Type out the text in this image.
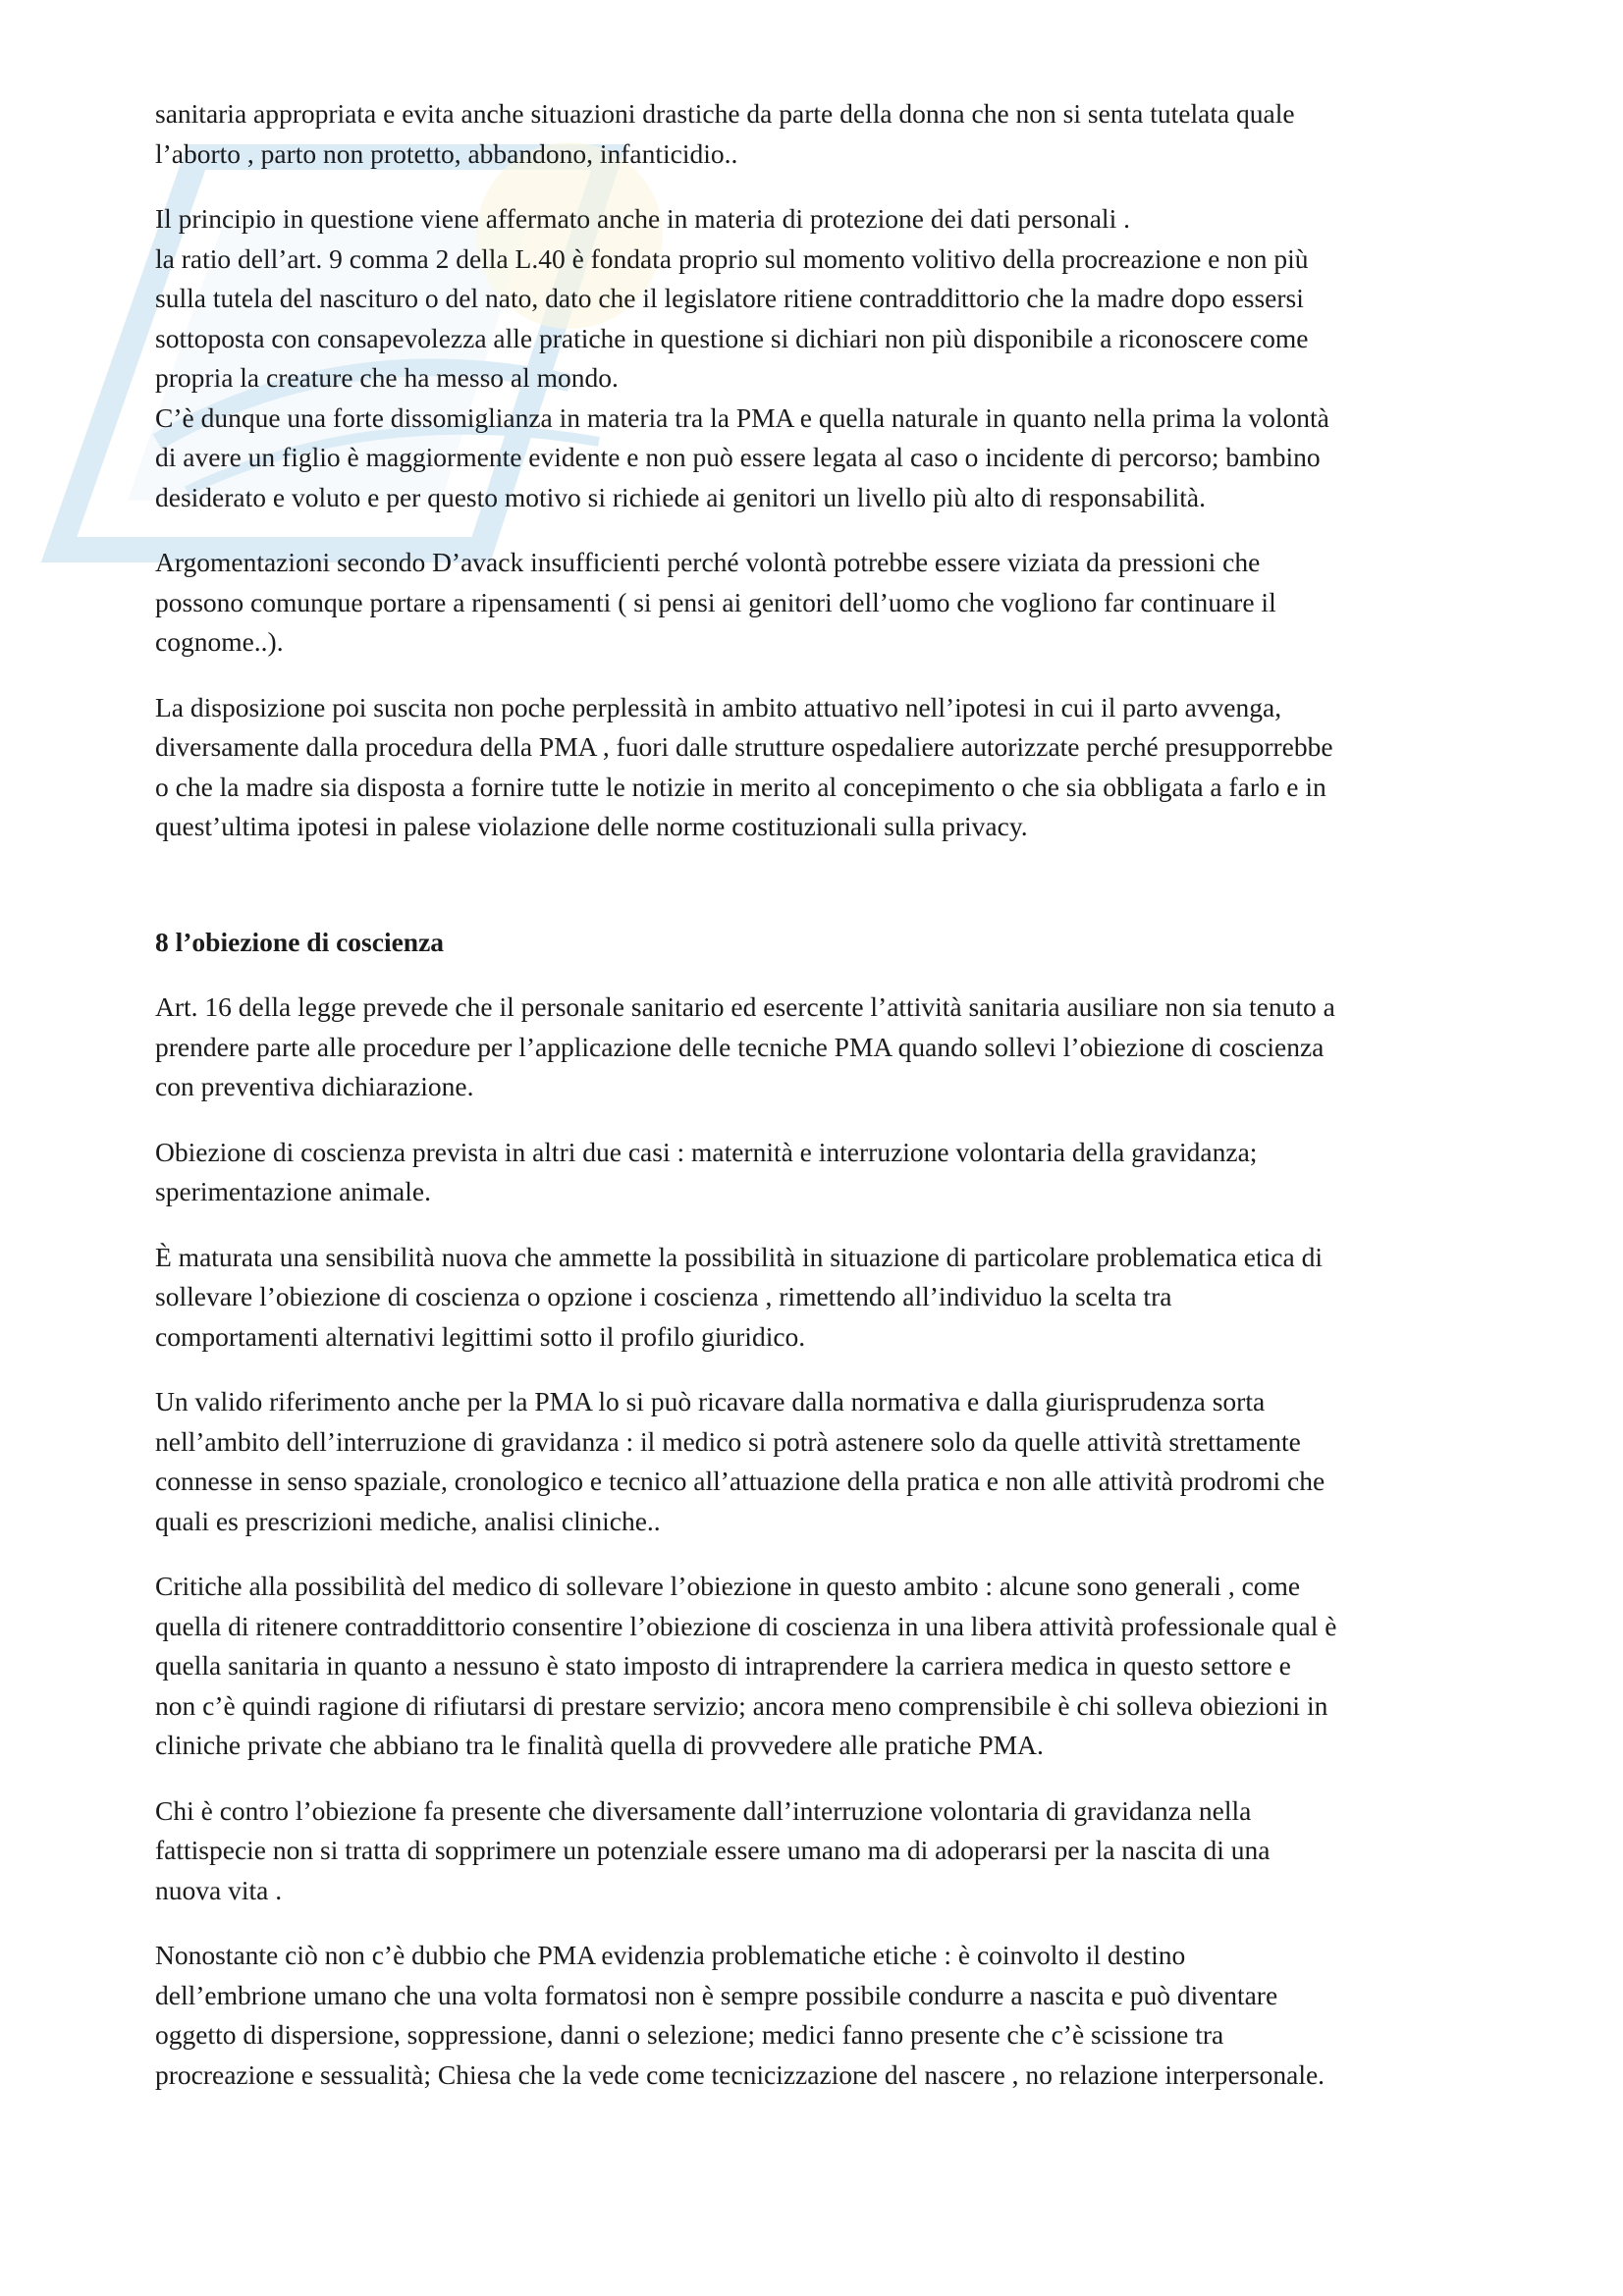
sanitaria appropriata e evita anche situazioni drastiche da parte della donna che non si senta tutelata quale
l’aborto , parto non protetto, abbandono, infanticidio..

Il principio in questione viene affermato anche in materia di protezione dei dati personali .
la ratio dell’art. 9 comma 2 della L.40 è fondata proprio sul momento volitivo della procreazione e non più
sulla tutela del nascituro o del nato, dato che il legislatore ritiene contraddittorio che la madre dopo essersi
sottoposta con consapevolezza alle pratiche in questione si dichiari non più disponibile a riconoscere come
propria la creature che ha messo al mondo.
C’è dunque una forte dissomiglianza in materia tra la PMA e quella naturale in quanto nella prima la volontà
di avere un figlio è maggiormente evidente e non può essere legata al caso o incidente di percorso; bambino
desiderato e voluto e per questo motivo si richiede ai genitori un livello più alto di responsabilità.

Argomentazioni secondo D’avack insufficienti perché volontà potrebbe essere viziata da pressioni che
possono comunque portare a ripensamenti ( si pensi ai genitori dell’uomo che vogliono far continuare il
cognome..).

La disposizione poi suscita non poche perplessità in ambito attuativo nell’ipotesi in cui il parto avvenga,
diversamente dalla procedura della PMA , fuori dalle strutture ospedaliere autorizzate perché presupporrebbe
o che la madre sia disposta a fornire tutte le notizie in merito al concepimento o che sia obbligata a farlo e in
quest’ultima ipotesi in palese violazione delle norme costituzionali sulla privacy.

8 l’obiezione di coscienza

Art. 16 della legge prevede che il personale sanitario ed esercente l’attività sanitaria ausiliare non sia tenuto a
prendere parte alle procedure per l’applicazione delle tecniche PMA quando sollevi l’obiezione di coscienza
con preventiva dichiarazione.

Obiezione di coscienza prevista in altri due casi : maternità e interruzione volontaria della gravidanza;
sperimentazione animale.

È maturata una sensibilità nuova che ammette la possibilità in situazione di particolare problematica etica di
sollevare l’obiezione di coscienza o opzione i coscienza , rimettendo all’individuo la scelta tra
comportamenti alternativi legittimi sotto il profilo giuridico.

Un valido riferimento anche per la PMA lo si può ricavare dalla normativa e dalla giurisprudenza sorta
nell’ambito dell’interruzione di gravidanza : il medico si potrà astenere solo da quelle attività strettamente
connesse in senso spaziale, cronologico e tecnico all’attuazione della pratica e non alle attività prodromi che
quali es prescrizioni mediche, analisi cliniche..

Critiche alla possibilità del medico di sollevare l’obiezione in questo ambito : alcune sono generali , come
quella di ritenere contraddittorio consentire l’obiezione di coscienza in una libera attività professionale qual è
quella sanitaria in quanto a nessuno è stato imposto di intraprendere la carriera medica in questo settore e
non c’è quindi ragione di rifiutarsi di prestare servizio; ancora meno comprensibile è chi solleva obiezioni in
cliniche private che abbiano tra le finalità quella di provvedere alle pratiche PMA.

Chi è contro l’obiezione fa presente che diversamente dall’interruzione volontaria di gravidanza nella
fattispecie non si tratta di sopprimere un potenziale essere umano ma di adoperarsi per la nascita di una
nuova vita .

Nonostante ciò non c’è dubbio che PMA evidenzia problematiche etiche : è coinvolto il destino
dell’embrione umano che una volta formatosi non è sempre possibile condurre a nascita e può diventare
oggetto di dispersione, soppressione, danni o selezione; medici fanno presente che c’è scissione tra
procreazione e sessualità; Chiesa che la vede come tecnicizzazione del nascere , no relazione interpersonale.
